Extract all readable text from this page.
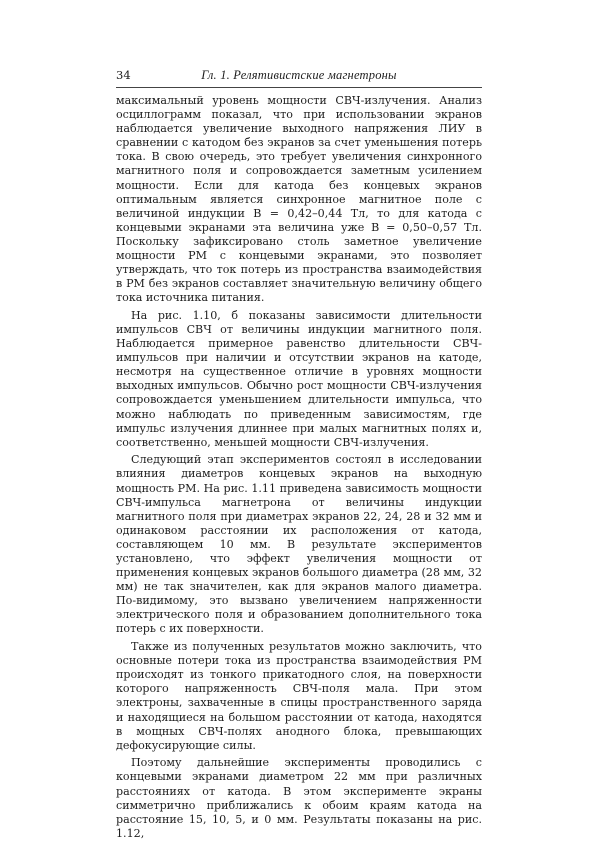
34	Гл. 1. Релятивистские магнетроны

максимальный уровень мощности СВЧ-излучения. Анализ осциллограмм показал, что при использовании экранов наблюдается увеличение выходного напряжения ЛИУ в сравнении с катодом без экранов за счет уменьшения потерь тока. В свою очередь, это требует увеличения синхронного магнитного поля и сопровождается заметным усилением мощности. Если для катода без концевых экранов оптимальным является синхронное магнитное поле с величиной индукции B = 0,42–0,44 Тл, то для катода с концевыми экранами эта величина уже B = 0,50–0,57 Тл. Поскольку зафиксировано столь заметное увеличение мощности РМ с концевыми экранами, это позволяет утверждать, что ток потерь из пространства взаимодействия в РМ без экранов составляет значительную величину общего тока источника питания.

На рис. 1.10, б показаны зависимости длительности импульсов СВЧ от величины индукции магнитного поля. Наблюдается примерное равенство длительности СВЧ-импульсов при наличии и отсутствии экранов на катоде, несмотря на существенное отличие в уровнях мощности выходных импульсов. Обычно рост мощности СВЧ-излучения сопровождается уменьшением длительности импульса, что можно наблюдать по приведенным зависимостям, где импульс излучения длиннее при малых магнитных полях и, соответственно, меньшей мощности СВЧ-излучения.

Следующий этап экспериментов состоял в исследовании влияния диаметров концевых экранов на выходную мощность РМ. На рис. 1.11 приведена зависимость мощности СВЧ-импульса магнетрона от величины индукции магнитного поля при диаметрах экранов 22, 24, 28 и 32 мм и одинаковом расстоянии их расположения от катода, составляющем 10 мм. В результате экспериментов установлено, что эффект увеличения мощности от применения концевых экранов большого диаметра (28 мм, 32 мм) не так значителен, как для экранов малого диаметра. По-видимому, это вызвано увеличением напряженности электрического поля и образованием дополнительного тока потерь с их поверхности.

Также из полученных результатов можно заключить, что основные потери тока из пространства взаимодействия РМ происходят из тонкого прикатодного слоя, на поверхности которого напряженность СВЧ-поля мала. При этом электроны, захваченные в спицы пространственного заряда и находящиеся на большом расстоянии от катода, находятся в мощных СВЧ-полях анодного блока, превышающих дефокусирующие силы.

Поэтому дальнейшие эксперименты проводились с концевыми экранами диаметром 22 мм при различных расстояниях от катода. В этом эксперименте экраны симметрично приближались к обоим краям катода на расстояние 15, 10, 5, и 0 мм. Результаты показаны на рис. 1.12,
